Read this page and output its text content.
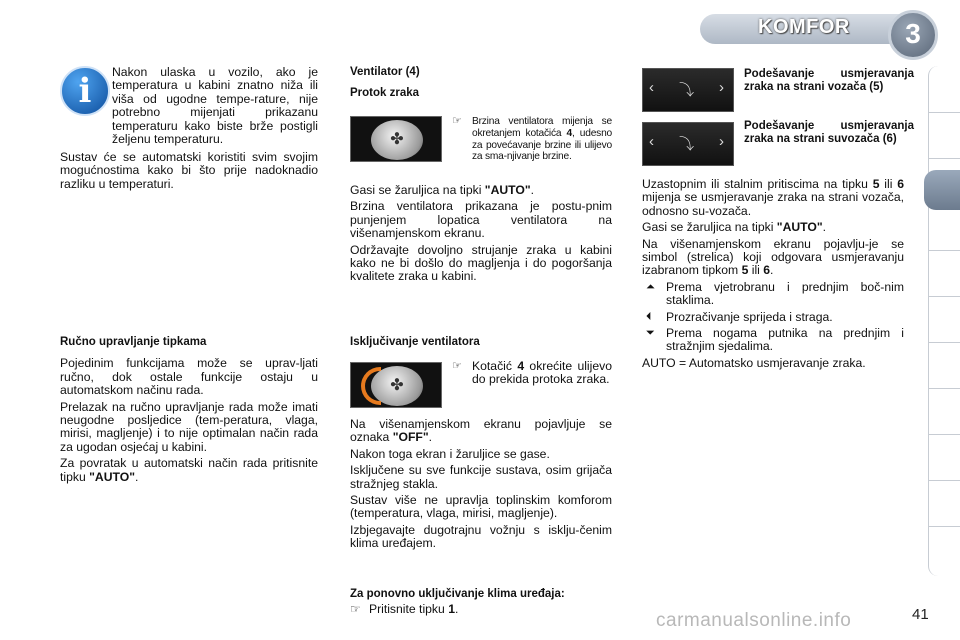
KOMFOR	3
i	Nakon ulaska u vozilo, ako je temperatura u kabini znatno niža ili viša od ugodne tempe-rature, nije potrebno mijenjati prikazanu temperaturu kako biste brže postigli željenu temperaturu.

Sustav će se automatski koristiti svim svojim mogućnostima kako bi što prije nadoknadio razliku u temperaturi.

Ručno upravljanje tipkama

Pojedinim funkcijama može se uprav-ljati ručno, dok ostale funkcije ostaju u automatskom načinu rada.

Prelazak na ručno upravljanje rada može imati neugodne posljedice (tem-peratura, vlaga, mirisi, magljenje) i to nije optimalan način rada za ugodan osjećaj u kabini.

Za povratak u automatski način rada pritisnite tipku "AUTO".

Ventilator (4)
Protok zraka
✤
☞ Brzina ventilatora mijenja se okretanjem kotačića 4, udesno za povećavanje brzine ili ulijevo za sma-njivanje brzine.

Gasi se žaruljica na tipki "AUTO".

Brzina ventilatora prikazana je postu-pnim punjenjem lopatica ventilatora na višenamjenskom ekranu.

Održavajte dovoljno strujanje zraka u kabini kako ne bi došlo do magljenja i do pogoršanja kvalitete zraka u kabini.

Isključivanje ventilatora
✤
☞ Kotačić 4 okrećite ulijevo do prekida protoka zraka.

Na višenamjenskom ekranu pojavljuje se oznaka "OFF".

Nakon toga ekran i žaruljice se gase.

Isključene su sve funkcije sustava, osim grijača stražnjeg stakla.

Sustav više ne upravlja toplinskim komforom (temperatura, vlaga, mirisi, magljenje).

Izbjegavajte dugotrajnu vožnju s isklju-čenim klima uređajem.

Za ponovno uključivanje klima uređaja:

☞ Pritisnite tipku 1.

‹ ⤵ ›
Podešavanje usmjeravanja zraka na strani vozača (5)
‹ ⤵ ›
Podešavanje usmjeravanja zraka na strani suvozača (6)

Uzastopnim ili stalnim pritiscima na tipku 5 ili 6 mijenja se usmjeravanje zraka na strani vozača, odnosno su-vozača.

Gasi se žaruljica na tipki "AUTO".

Na višenamjenskom ekranu pojavlju-je se simbol (strelica) koji odgovara usmjeravanju izabranom tipkom 5 ili 6.

⏶ Prema vjetrobranu i prednjim boč-nim staklima.
⏴ Prozračivanje sprijeda i straga.
⏷ Prema nogama putnika na prednjim i stražnjim sjedalima.

AUTO = Automatsko usmjeravanje zraka.

carmanualsonline.info	41
